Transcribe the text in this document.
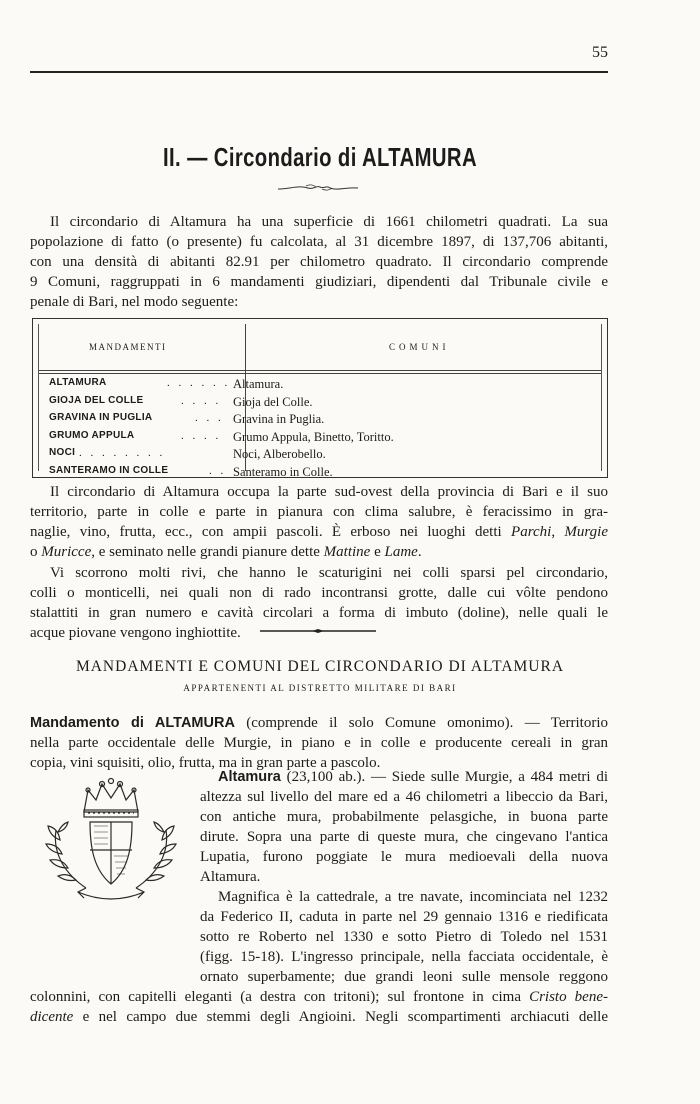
55
II. — Circondario di ALTAMURA
Il circondario di Altamura ha una superficie di 1661 chilometri quadrati. La sua
popolazione di fatto (o presente) fu calcolata, al 31 dicembre 1897, di 137,706 abitanti,
con una densità di abitanti 82.91 per chilometro quadrato. Il circondario comprende
9 Comuni, raggruppati in 6 mandamenti giudiziari, dipendenti dal Tribunale civile e
penale di Bari, nel modo seguente:
MANDAMENTI	COMUNI
ALTAMURA	. . . . . . Altamura.
GIOJA DEL COLLE	. . . . Gioja del Colle.
GRAVINA IN PUGLIA	. . . Gravina in Puglia.
GRUMO APPULA	. . . . Grumo Appula, Binetto, Toritto.
NOCI . . . . . . . .	Noci, Alberobello.
SANTERAMO IN COLLE	. . Santeramo in Colle.
Il circondario di Altamura occupa la parte sud-ovest della provincia di Bari e il suo
territorio, parte in colle e parte in pianura con clima salubre, è feracissimo in gra-
naglie, vino, frutta, ecc., con ampii pascoli. È erboso nei luoghi detti Parchi, Murgie
o Muricce, e seminato nelle grandi pianure dette Mattine e Lame.
Vi scorrono molti rivi, che hanno le scaturigini nei colli sparsi pel circondario,
colli o monticelli, nei quali non di rado incontransi grotte, dalle cui vôlte pendono
stalattiti in gran numero e cavità circolari a forma di imbuto (doline), nelle quali le
acque piovane vengono inghiottite.
MANDAMENTI E COMUNI DEL CIRCONDARIO DI ALTAMURA
APPARTENENTI AL DISTRETTO MILITARE DI BARI
Mandamento di ALTAMURA (comprende il solo Comune omonimo). — Territorio
nella parte occidentale delle Murgie, in piano e in colle e producente cereali in gran
copia, vini squisiti, olio, frutta, ma in gran parte a pascolo.
Altamura (23,100 ab.). — Siede sulle Murgie, a 484 metri di
altezza sul livello del mare ed a 46 chilometri a libeccio da Bari,
con antiche mura, probabilmente pelasgiche, in buona parte
dirute. Sopra una parte di queste mura, che cingevano l'antica
Lupatia, furono poggiate le mura medioevali della nuova
Altamura.
Magnifica è la cattedrale, a tre navate, incominciata nel 1232
da Federico II, caduta in parte nel 29 gennaio 1316 e riedificata
sotto re Roberto nel 1330 e sotto Pietro di Toledo nel 1531
(figg. 15-18). L'ingresso principale, nella facciata occidentale, è
ornato superbamente; due grandi leoni sulle mensole reggono
colonnini, con capitelli eleganti (a destra con tritoni); sul frontone in cima Cristo bene-
dicente e nel campo due stemmi degli Angioini. Negli scompartimenti archiacuti delle
